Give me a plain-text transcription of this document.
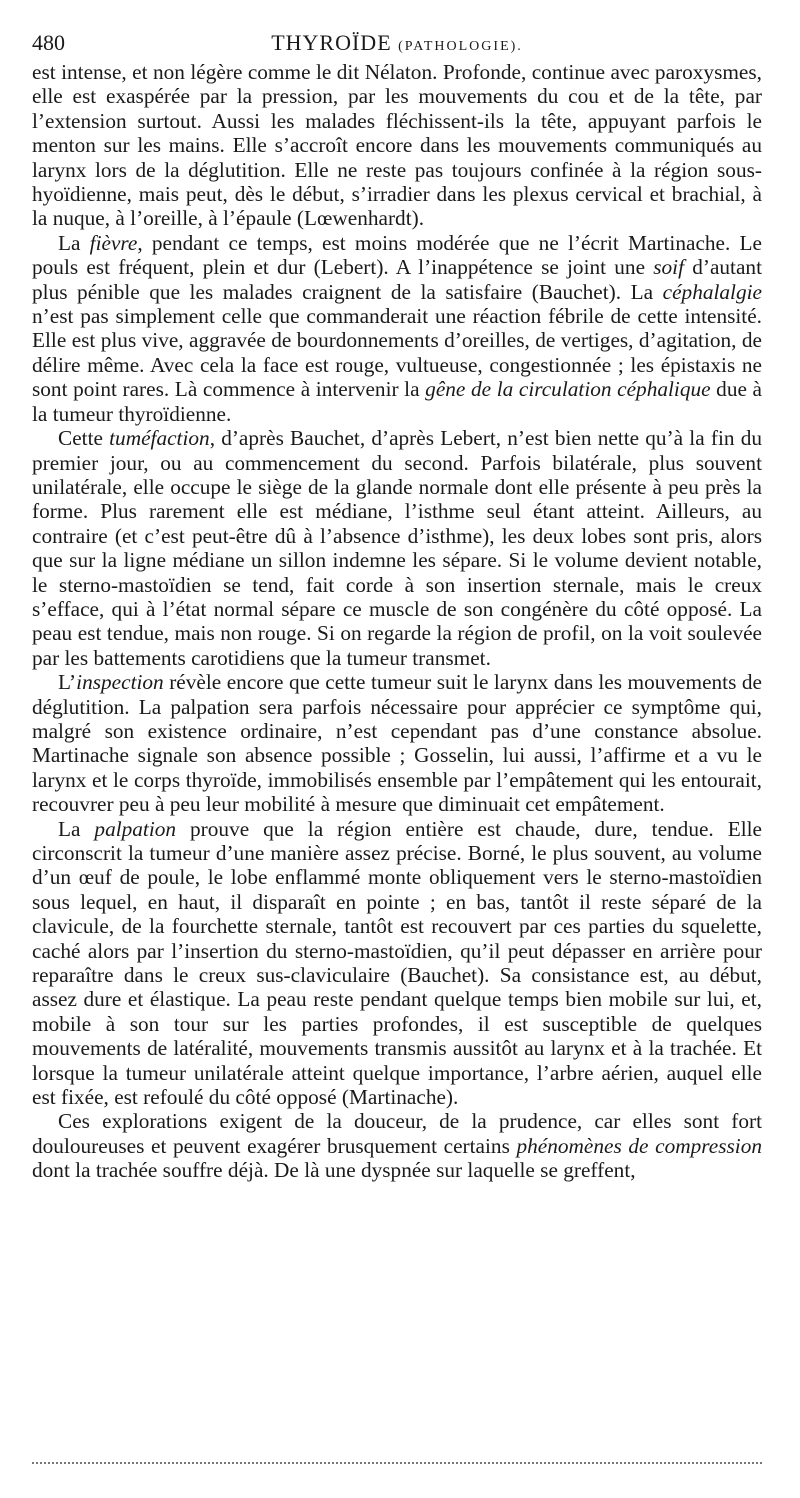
480	THYROÏDE (PATHOLOGIE).

est intense, et non légère comme le dit Nélaton. Profonde, continue avec paroxysmes, elle est exaspérée par la pression, par les mouvements du cou et de la tête, par l’extension surtout. Aussi les malades fléchissent-ils la tête, appuyant parfois le menton sur les mains. Elle s’accroît encore dans les mouvements communiqués au larynx lors de la déglutition. Elle ne reste pas toujours confinée à la région sous-hyoïdienne, mais peut, dès le début, s’irradier dans les plexus cervical et brachial, à la nuque, à l’oreille, à l’épaule (Lœwenhardt).

La fièvre, pendant ce temps, est moins modérée que ne l’écrit Martinache. Le pouls est fréquent, plein et dur (Lebert). A l’inappétence se joint une soif d’autant plus pénible que les malades craignent de la satisfaire (Bauchet). La céphalalgie n’est pas simplement celle que commanderait une réaction fébrile de cette intensité. Elle est plus vive, aggravée de bourdonnements d’oreilles, de vertiges, d’agitation, de délire même. Avec cela la face est rouge, vultueuse, congestionnée ; les épistaxis ne sont point rares. Là commence à intervenir la gêne de la circulation céphalique due à la tumeur thyroïdienne.

Cette tuméfaction, d’après Bauchet, d’après Lebert, n’est bien nette qu’à la fin du premier jour, ou au commencement du second. Parfois bilatérale, plus souvent unilatérale, elle occupe le siège de la glande normale dont elle présente à peu près la forme. Plus rarement elle est médiane, l’isthme seul étant atteint. Ailleurs, au contraire (et c’est peut-être dû à l’absence d’isthme), les deux lobes sont pris, alors que sur la ligne médiane un sillon indemne les sépare. Si le volume devient notable, le sterno-mastoïdien se tend, fait corde à son insertion sternale, mais le creux s’efface, qui à l’état normal sépare ce muscle de son congénère du côté opposé. La peau est tendue, mais non rouge. Si on regarde la région de profil, on la voit soulevée par les battements carotidiens que la tumeur transmet.

L’inspection révèle encore que cette tumeur suit le larynx dans les mouvements de déglutition. La palpation sera parfois nécessaire pour apprécier ce symptôme qui, malgré son existence ordinaire, n’est cependant pas d’une constance absolue. Martinache signale son absence possible ; Gosselin, lui aussi, l’affirme et a vu le larynx et le corps thyroïde, immobilisés ensemble par l’empâtement qui les entourait, recouvrer peu à peu leur mobilité à mesure que diminuait cet empâtement.

La palpation prouve que la région entière est chaude, dure, tendue. Elle circonscrit la tumeur d’une manière assez précise. Borné, le plus souvent, au volume d’un œuf de poule, le lobe enflammé monte obliquement vers le sterno-mastoïdien sous lequel, en haut, il disparaît en pointe ; en bas, tantôt il reste séparé de la clavicule, de la fourchette sternale, tantôt est recouvert par ces parties du squelette, caché alors par l’insertion du sterno-mastoïdien, qu’il peut dépasser en arrière pour reparaître dans le creux sus-claviculaire (Bauchet). Sa consistance est, au début, assez dure et élastique. La peau reste pendant quelque temps bien mobile sur lui, et, mobile à son tour sur les parties profondes, il est susceptible de quelques mouvements de latéralité, mouvements transmis aussitôt au larynx et à la trachée. Et lorsque la tumeur unilatérale atteint quelque importance, l’arbre aérien, auquel elle est fixée, est refoulé du côté opposé (Martinache).

Ces explorations exigent de la douceur, de la prudence, car elles sont fort douloureuses et peuvent exagérer brusquement certains phénomènes de compression dont la trachée souffre déjà. De là une dyspnée sur laquelle se greffent,
